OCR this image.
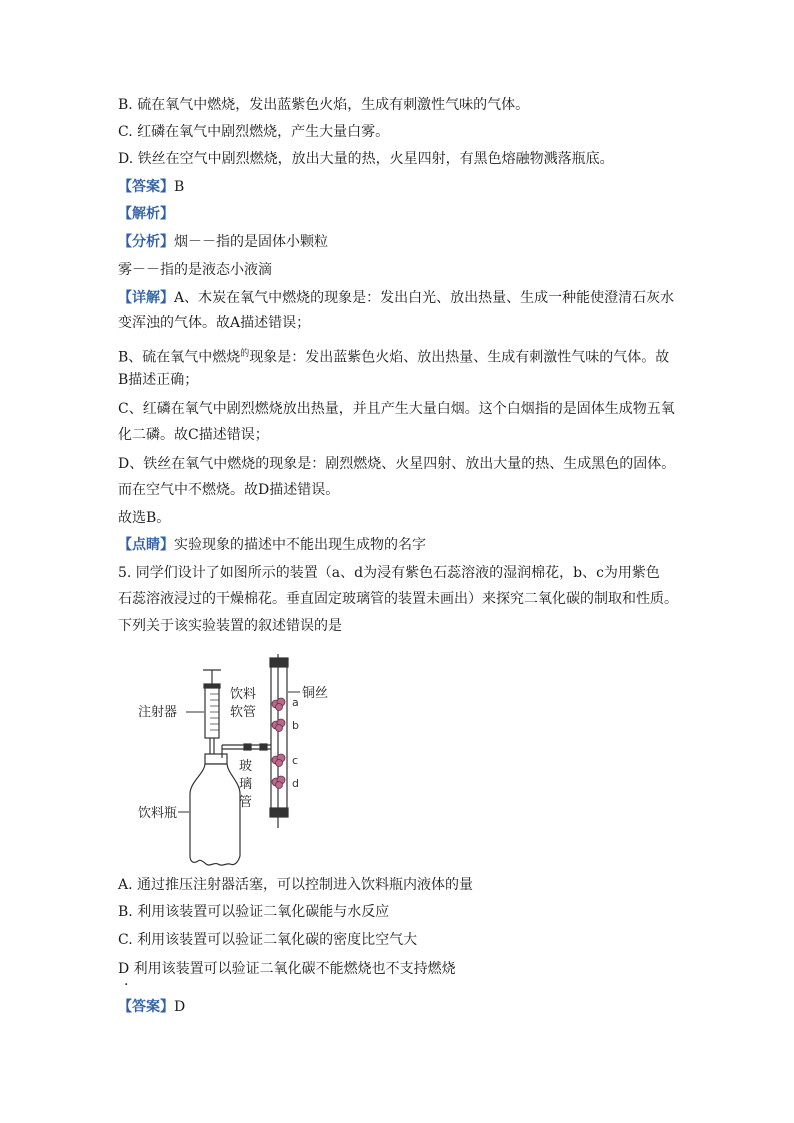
B. 硫在氧气中燃烧，发出蓝紫色火焰，生成有刺激性气味的气体。
C. 红磷在氧气中剧烈燃烧，产生大量白雾。
D. 铁丝在空气中剧烈燃烧，放出大量的热，火星四射，有黑色熔融物溅落瓶底。
【答案】B
【解析】
【分析】烟－－指的是固体小颗粒
雾－－指的是液态小液滴
【详解】A、木炭在氧气中燃烧的现象是：发出白光、放出热量、生成一种能使澄清石灰水
变浑浊的气体。故A描述错误；
B、硫在氧气中燃烧$^的$现象是：发出蓝紫色火焰、放出热量、生成有刺激性气味的气体。故
B描述正确；
C、红磷在氧气中剧烈燃烧放出热量，并且产生大量白烟。这个白烟指的是固体生成物五氧
化二磷。故C描述错误；
D、铁丝在氧气中燃烧的现象是：剧烈燃烧、火星四射、放出大量的热、生成黑色的固体。
而在空气中不燃烧。故D描述错误。
故选B。
【点睛】实验现象的描述中不能出现生成物的名字
5. 同学们设计了如图所示的装置（a、d为浸有紫色石蕊溶液的湿润棉花，b、c为用紫色
石蕊溶液浸过的干燥棉花。垂直固定玻璃管的装置未画出）来探究二氧化碳的制取和性质。
下列关于该实验装置的叙述错误的是
注射器
饮料
软管
饮料瓶
玻
璃
管
铜丝
a
b
c
d
A. 通过推压注射器活塞，可以控制进入饮料瓶内液体的量
B. 利用该装置可以验证二氧化碳能与水反应
C. 利用该装置可以验证二氧化碳的密度比空气大
D 利用该装置可以验证二氧化碳不能燃烧也不支持燃烧
.
【答案】D
